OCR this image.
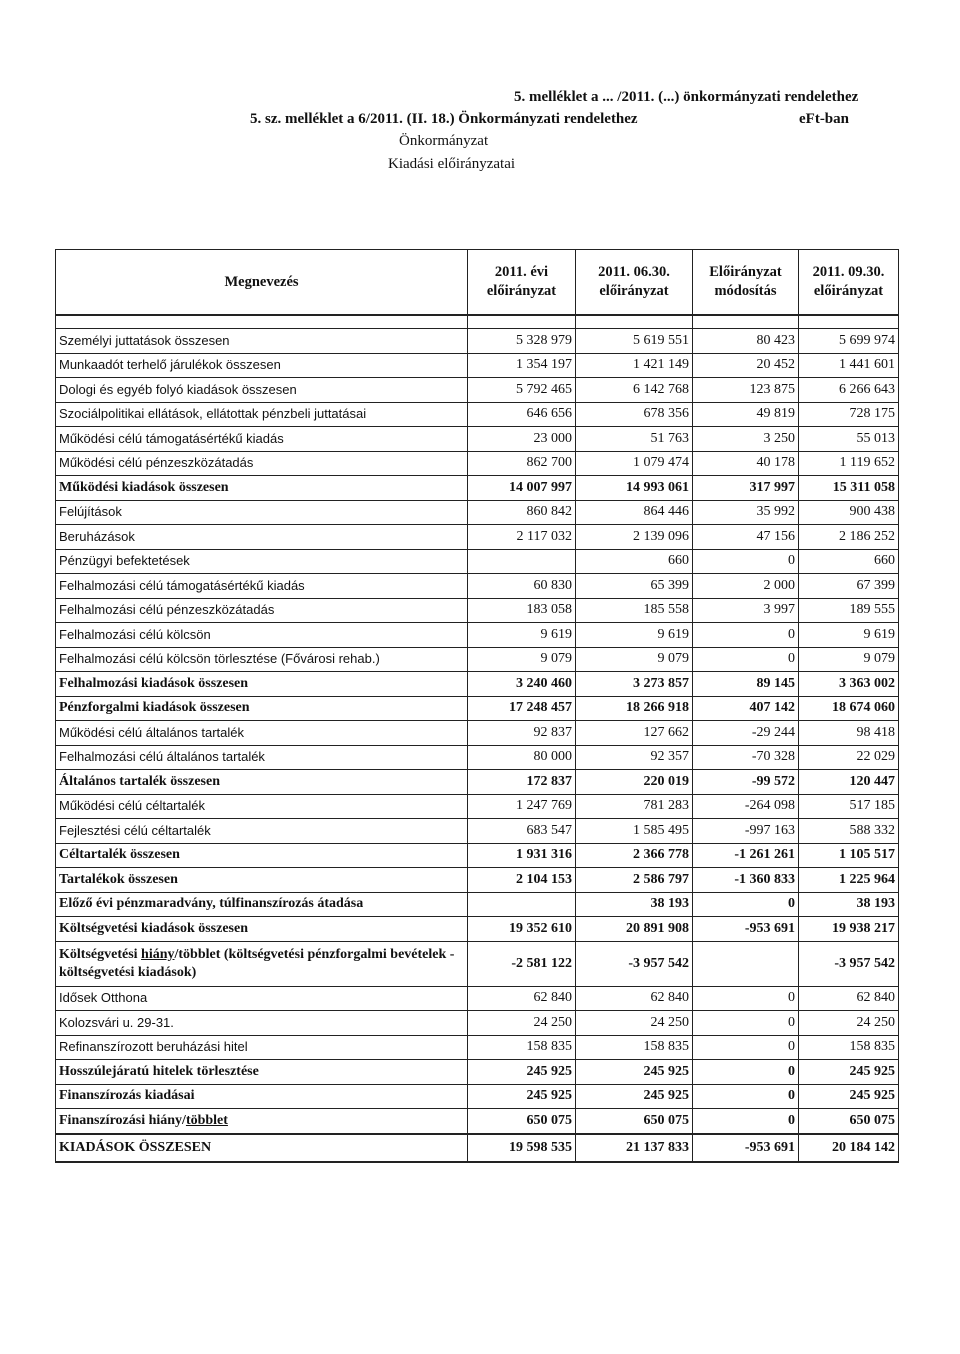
5. melléklet a ... /2011. (...) önkormányzati rendelethez
5. sz. melléklet a 6/2011. (II. 18.) Önkormányzati rendelethez	eFt-ban
Önkormányzat
Kiadási előirányzatai
Megnevezés	2011. évi előirányzat	2011. 06.30. előirányzat	Előirányzat módosítás	2011. 09.30. előirányzat

Személyi juttatások összesen	5 328 979	5 619 551	80 423	5 699 974
Munkaadót terhelő járulékok összesen	1 354 197	1 421 149	20 452	1 441 601
Dologi és egyéb folyó kiadások összesen	5 792 465	6 142 768	123 875	6 266 643
Szociálpolitikai ellátások, ellátottak pénzbeli juttatásai	646 656	678 356	49 819	728 175
Működési célú támogatásértékű kiadás	23 000	51 763	3 250	55 013
Működési célú pénzeszközátadás	862 700	1 079 474	40 178	1 119 652
Működési kiadások összesen	14 007 997	14 993 061	317 997	15 311 058
Felújítások	860 842	864 446	35 992	900 438
Beruházások	2 117 032	2 139 096	47 156	2 186 252
Pénzügyi befektetések		660	0	660
Felhalmozási célú támogatásértékű kiadás	60 830	65 399	2 000	67 399
Felhalmozási célú pénzeszközátadás	183 058	185 558	3 997	189 555
Felhalmozási célú kölcsön	9 619	9 619	0	9 619
Felhalmozási célú kölcsön törlesztése (Fővárosi rehab.)	9 079	9 079	0	9 079
Felhalmozási kiadások összesen	3 240 460	3 273 857	89 145	3 363 002
Pénzforgalmi kiadások összesen	17 248 457	18 266 918	407 142	18 674 060
Működési célú általános tartalék	92 837	127 662	-29 244	98 418
Felhalmozási célú általános tartalék	80 000	92 357	-70 328	22 029
Általános tartalék összesen	172 837	220 019	-99 572	120 447
Működési célú céltartalék	1 247 769	781 283	-264 098	517 185
Fejlesztési célú céltartalék	683 547	1 585 495	-997 163	588 332
Céltartalék összesen	1 931 316	2 366 778	-1 261 261	1 105 517
Tartalékok összesen	2 104 153	2 586 797	-1 360 833	1 225 964
Előző évi pénzmaradvány, túlfinanszírozás átadása		38 193	0	38 193
Költségvetési kiadások összesen	19 352 610	20 891 908	-953 691	19 938 217
Költségvetési hiány/többlet (költségvetési pénzforgalmi bevételek - költségvetési kiadások)	-2 581 122	-3 957 542		-3 957 542
Idősek Otthona	62 840	62 840	0	62 840
Kolozsvári u. 29-31.	24 250	24 250	0	24 250
Refinanszírozott beruházási hitel	158 835	158 835	0	158 835
Hosszúlejáratú hitelek törlesztése	245 925	245 925	0	245 925
Finanszírozás kiadásai	245 925	245 925	0	245 925
Finanszírozási hiány/többlet	650 075	650 075	0	650 075
KIADÁSOK ÖSSZESEN	19 598 535	21 137 833	-953 691	20 184 142
